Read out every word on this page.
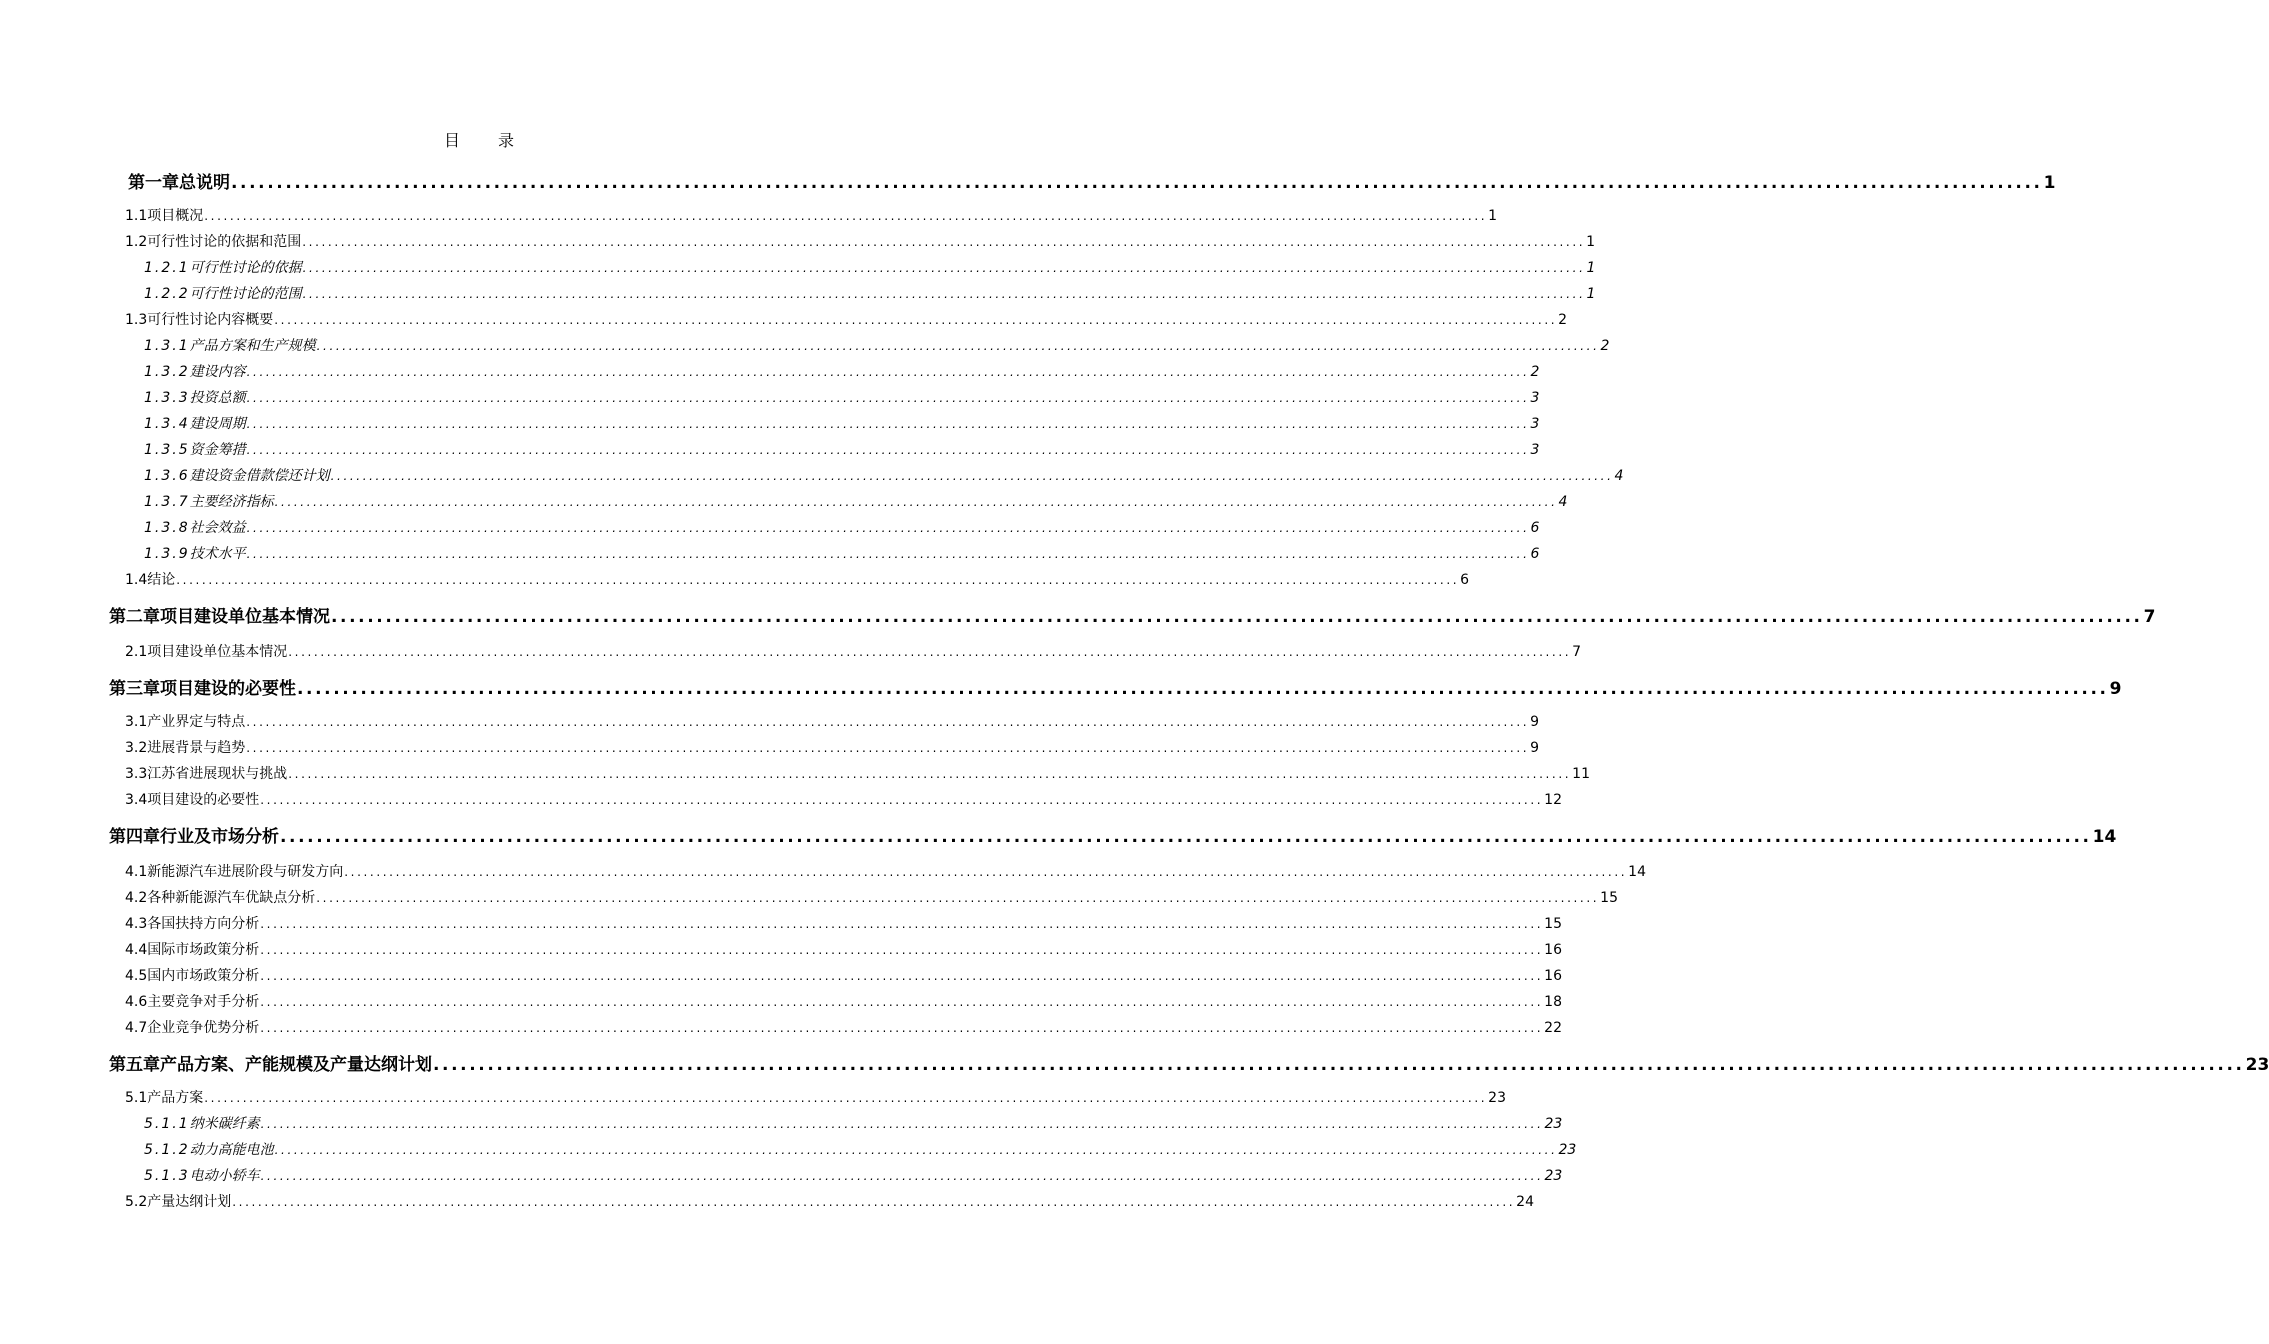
目　　录
第一章 总说明 ........................................................................................................................................................................................................ 1
1.1 项目概况 ........................................................................................................................................................................................................ 1
1.2 可行性讨论的依据和范围 ........................................................................................................................................................................................................ 1
1.2.1 可行性讨论的依据 ........................................................................................................................................................................................................ 1
1.2.2 可行性讨论的范围 ........................................................................................................................................................................................................ 1
1.3 可行性讨论内容概要 ........................................................................................................................................................................................................ 2
1.3.1 产品方案和生产规模 ........................................................................................................................................................................................................ 2
1.3.2 建设内容 ........................................................................................................................................................................................................ 2
1.3.3 投资总额 ........................................................................................................................................................................................................ 3
1.3.4 建设周期 ........................................................................................................................................................................................................ 3
1.3.5 资金筹措 ........................................................................................................................................................................................................ 3
1.3.6 建设资金借款偿还计划 ........................................................................................................................................................................................................ 4
1.3.7 主要经济指标 ........................................................................................................................................................................................................ 4
1.3.8 社会效益 ........................................................................................................................................................................................................ 6
1.3.9 技术水平 ........................................................................................................................................................................................................ 6
1.4 结论 ........................................................................................................................................................................................................ 6
第二章 项目建设单位基本情况 ........................................................................................................................................................................................................ 7
2.1 项目建设单位基本情况 ........................................................................................................................................................................................................ 7
第三章 项目建设的必要性 ........................................................................................................................................................................................................ 9
3.1 产业界定与特点 ........................................................................................................................................................................................................ 9
3.2 进展背景与趋势 ........................................................................................................................................................................................................ 9
3.3 江苏省进展现状与挑战 ........................................................................................................................................................................................................ 11
3.4 项目建设的必要性 ........................................................................................................................................................................................................ 12
第四章 行业及市场分析 ........................................................................................................................................................................................................ 14
4.1 新能源汽车进展阶段与研发方向 ........................................................................................................................................................................................................ 14
4.2 各种新能源汽车优缺点分析 ........................................................................................................................................................................................................ 15
4.3 各国扶持方向分析 ........................................................................................................................................................................................................ 15
4.4 国际市场政策分析 ........................................................................................................................................................................................................ 16
4.5 国内市场政策分析 ........................................................................................................................................................................................................ 16
4.6 主要竞争对手分析 ........................................................................................................................................................................................................ 18
4.7 企业竞争优势分析 ........................................................................................................................................................................................................ 22
第五章 产品方案、产能规模及产量达纲计划 ........................................................................................................................................................................................................ 23
5.1 产品方案 ........................................................................................................................................................................................................ 23
5.1.1 纳米碳纤素 ........................................................................................................................................................................................................ 23
5.1.2 动力高能电池 ........................................................................................................................................................................................................ 23
5.1.3 电动小轿车 ........................................................................................................................................................................................................ 23
5.2 产量达纲计划 ........................................................................................................................................................................................................ 24
